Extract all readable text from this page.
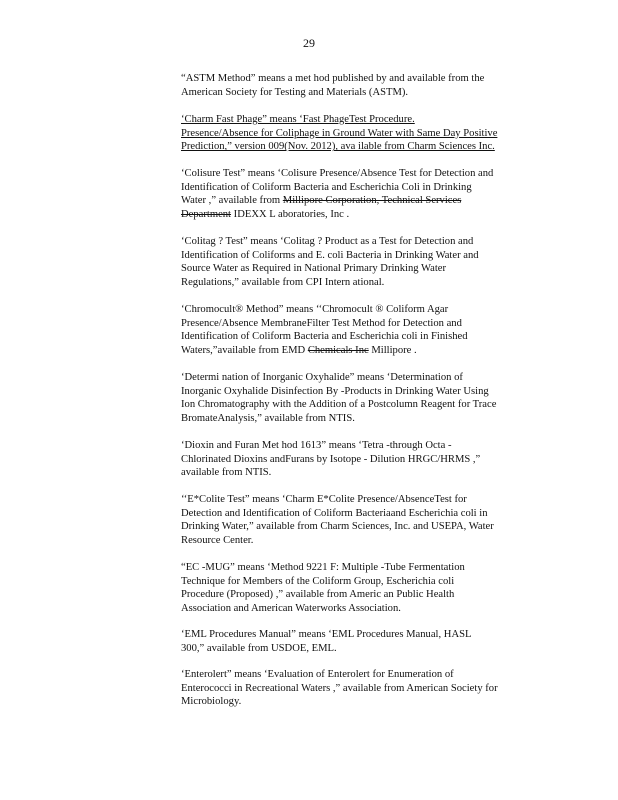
29
“ASTM Method” means a met hod published by and available from the
American Society for Testing and Materials (ASTM).
‘Charm Fast Phage” means ‘Fast PhageTest Procedure.
Presence/Absence for Coliphage in Ground Water with Same Day Positive
Prediction,” version 009(Nov. 2012), ava ilable from Charm Sciences Inc.
‘Colisure Test” means ‘Colisure Presence/Absence Test for Detection and
Identification of Coliform Bacteria and Escherichia Coli in Drinking
Water ,” available from Millipore Corporation, Technical Services
Department IDEXX L aboratories, Inc .
‘Colitag ? Test” means ‘Colitag ? Product as a Test for Detection and
Identification of Coliforms and E. coli Bacteria in Drinking Water and
Source Water as Required in National Primary Drinking Water
Regulations,” available from CPI Intern ational.
‘Chromocult® Method” means ‘‘Chromocult ® Coliform Agar
Presence/Absence MembraneFilter Test Method for Detection and
Identification of Coliform Bacteria and Escherichia coli in Finished
Waters,”available from EMD Chemicals Inc Millipore .
‘Determi nation of Inorganic Oxyhalide” means ‘Determination of
Inorganic Oxyhalide Disinfection By -Products in Drinking Water Using
Ion Chromatography with the Addition of a Postcolumn Reagent for Trace
BromateAnalysis,” available from NTIS.
‘Dioxin and Furan Met hod 1613” means ‘Tetra -through Octa -
Chlorinated Dioxins andFurans by Isotope - Dilution HRGC/HRMS ,”
available from NTIS.
‘‘E*Colite Test” means ‘Charm E*Colite Presence/AbsenceTest for
Detection and Identification of Coliform Bacteriaand Escherichia coli in
Drinking Water,” available from Charm Sciences, Inc. and USEPA, Water
Resource Center.
“EC -MUG” means ‘Method 9221 F: Multiple -Tube Fermentation
Technique for Members of the Coliform Group, Escherichia coli
Procedure (Proposed) ,” available from Americ an Public Health
Association and American Waterworks Association.
‘EML Procedures Manual” means ‘EML Procedures Manual, HASL
300,” available from USDOE, EML.
‘Enterolert” means ‘Evaluation of Enterolert for Enumeration of
Enterococci in Recreational Waters ,” available from American Society for
Microbiology.
